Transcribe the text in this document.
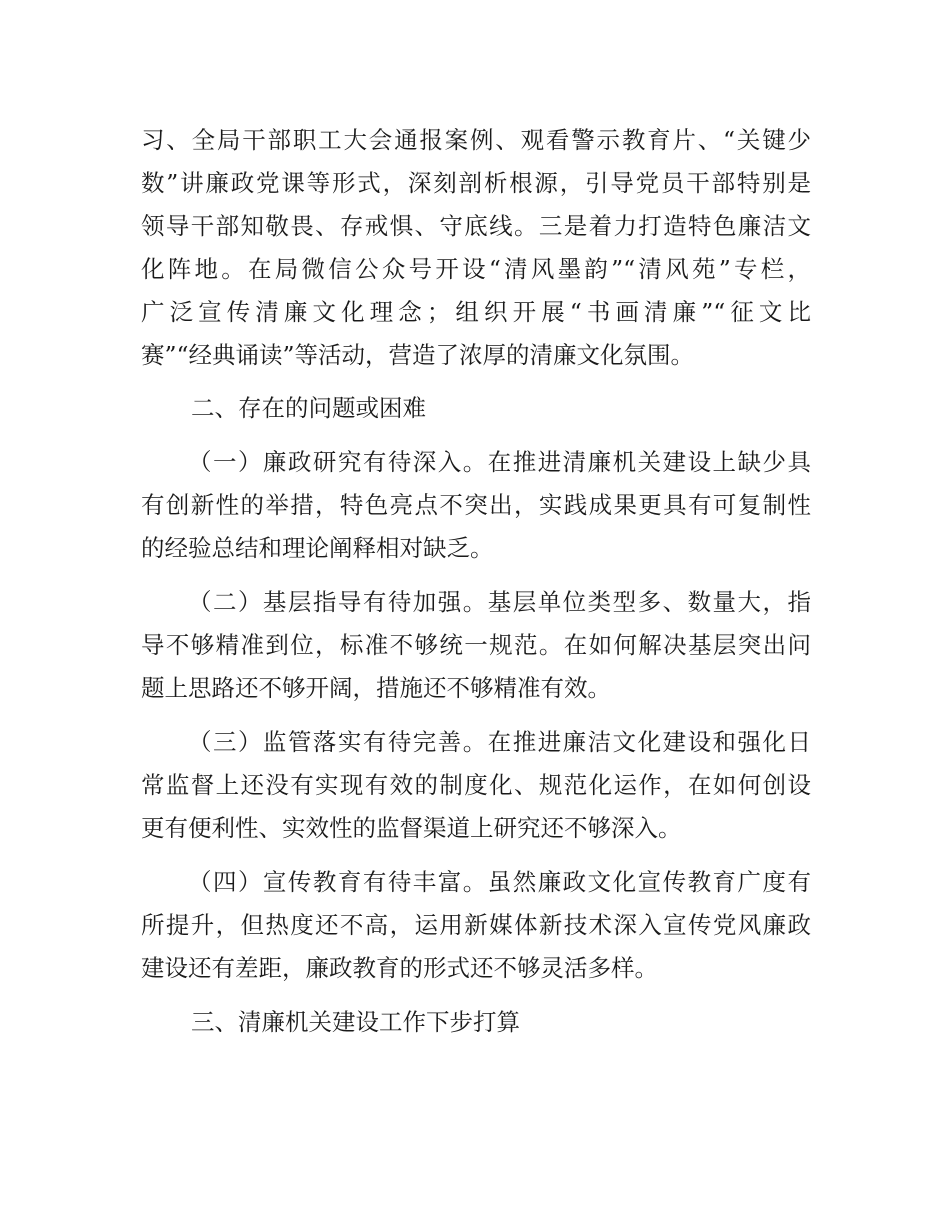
习、全局干部职工大会通报案例、观看警示教育片、“关键少
数”讲廉政党课等形式，深刻剖析根源，引导党员干部特别是
领导干部知敬畏、存戒惧、守底线。三是着力打造特色廉洁文
化阵地。在局微信公众号开设“清风墨韵”“清风苑”专栏，
广泛宣传清廉文化理念；组织开展“书画清廉”“征文比
赛”“经典诵读”等活动，营造了浓厚的清廉文化氛围。
二、存在的问题或困难
（一）廉政研究有待深入。在推进清廉机关建设上缺少具
有创新性的举措，特色亮点不突出，实践成果更具有可复制性
的经验总结和理论阐释相对缺乏。
（二）基层指导有待加强。基层单位类型多、数量大，指
导不够精准到位，标准不够统一规范。在如何解决基层突出问
题上思路还不够开阔，措施还不够精准有效。
（三）监管落实有待完善。在推进廉洁文化建设和强化日
常监督上还没有实现有效的制度化、规范化运作，在如何创设
更有便利性、实效性的监督渠道上研究还不够深入。
（四）宣传教育有待丰富。虽然廉政文化宣传教育广度有
所提升，但热度还不高，运用新媒体新技术深入宣传党风廉政
建设还有差距，廉政教育的形式还不够灵活多样。
三、清廉机关建设工作下步打算
